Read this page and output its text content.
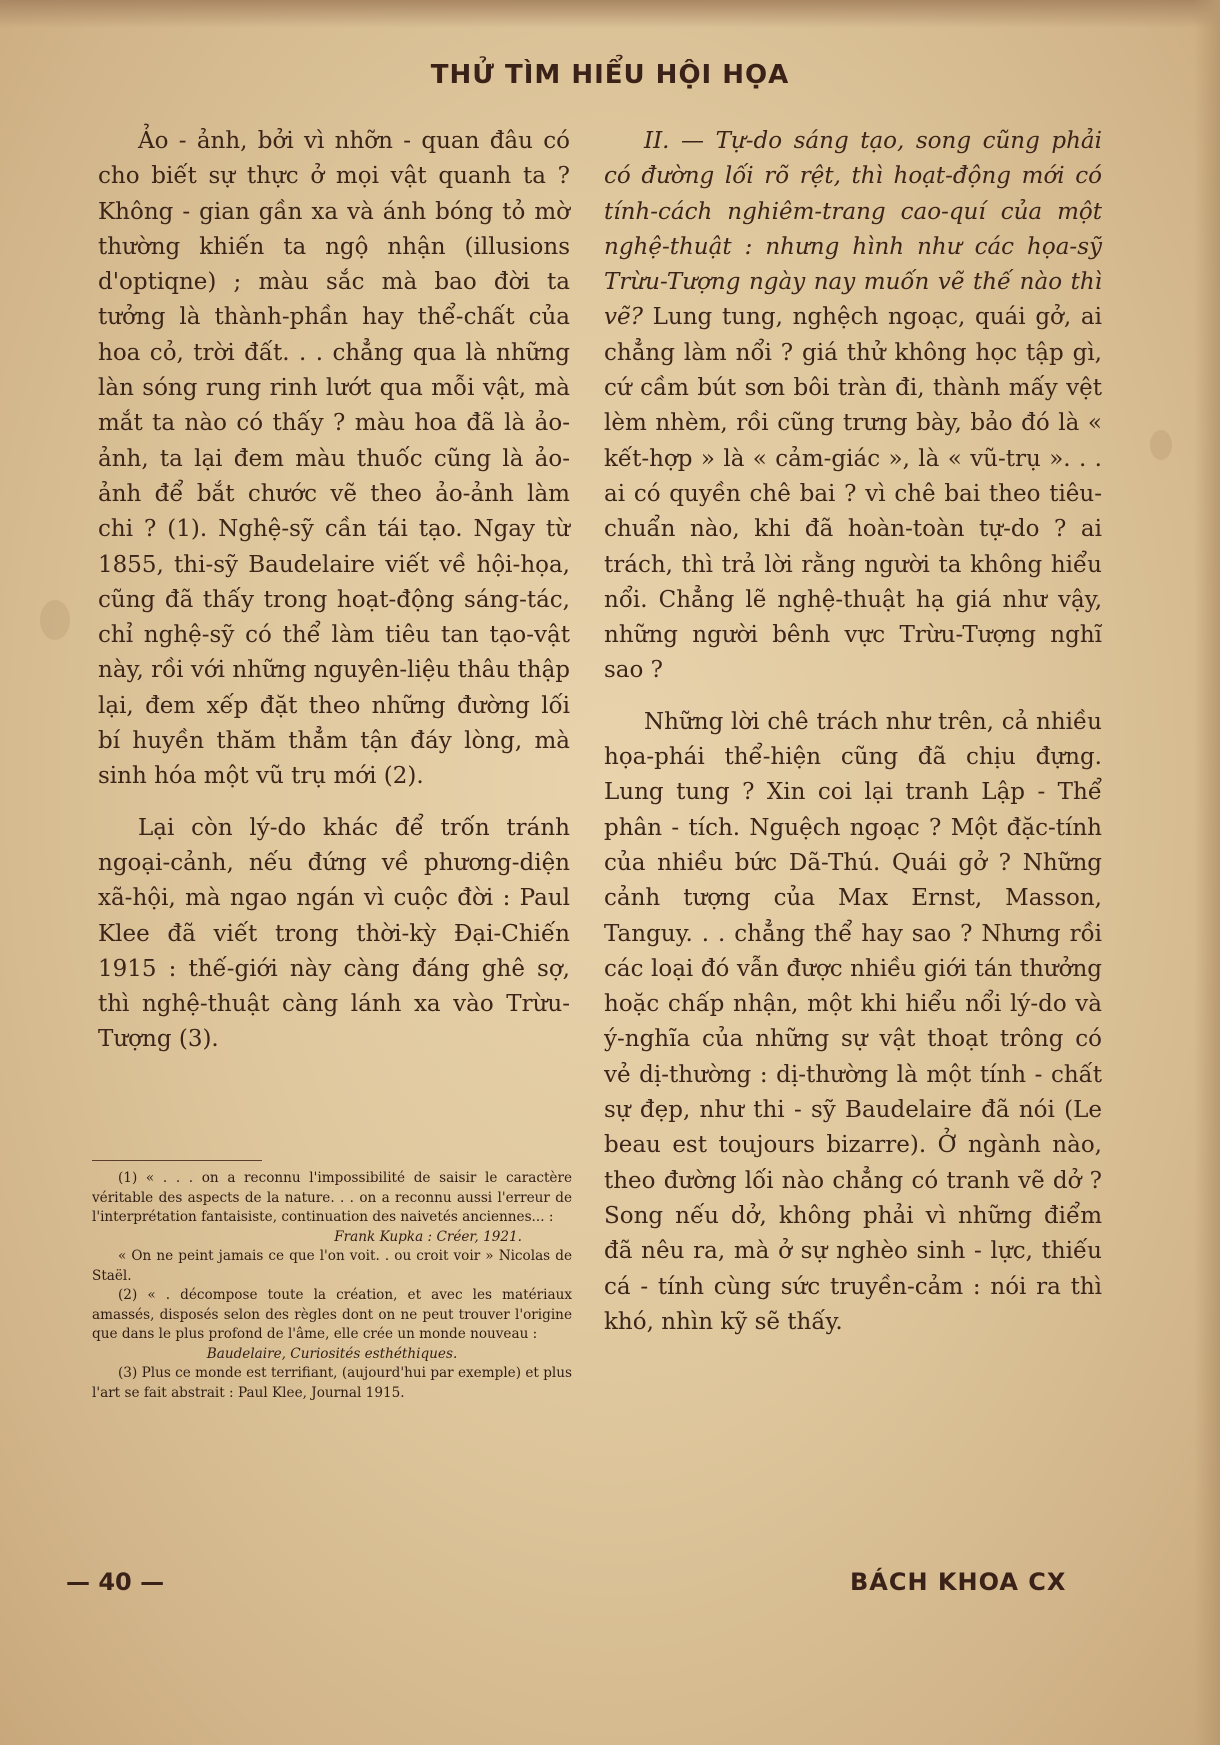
THỬ TÌM HIỂU HỘI HỌA

Ảo - ảnh, bởi vì nhỡn - quan đâu có cho biết sự thực ở mọi vật quanh ta ? Không - gian gần xa và ánh bóng tỏ mờ thường khiến ta ngộ nhận (illusions d'optiqne) ; màu sắc mà bao đời ta tưởng là thành-phần hay thể-chất của hoa cỏ, trời đất. . . chẳng qua là những làn sóng rung rinh lướt qua mỗi vật, mà mắt ta nào có thấy ? màu hoa đã là ảo-ảnh, ta lại đem màu thuốc cũng là ảo-ảnh để bắt chước vẽ theo ảo-ảnh làm chi ? (1). Nghệ-sỹ cần tái tạo. Ngay từ 1855, thi-sỹ Baudelaire viết về hội-họa, cũng đã thấy trong hoạt-động sáng-tác, chỉ nghệ-sỹ có thể làm tiêu tan tạo-vật này, rồi với những nguyên-liệu thâu thập lại, đem xếp đặt theo những đường lối bí huyền thăm thẳm tận đáy lòng, mà sinh hóa một vũ trụ mới (2).

Lại còn lý-do khác để trốn tránh ngoại-cảnh, nếu đứng về phương-diện xã-hội, mà ngao ngán vì cuộc đời : Paul Klee đã viết trong thời-kỳ Đại-Chiến 1915 : thế-giới này càng đáng ghê sợ, thì nghệ-thuật càng lánh xa vào Trừu-Tượng (3).

II. — Tự-do sáng tạo, song cũng phải có đường lối rõ rệt, thì hoạt-động mới có tính-cách nghiêm-trang cao-quí của một nghệ-thuật : nhưng hình như các họa-sỹ Trừu-Tượng ngày nay muốn vẽ thế nào thì vẽ? Lung tung, nghệch ngoạc, quái gở, ai chẳng làm nổi ? giá thử không học tập gì, cứ cầm bút sơn bôi tràn đi, thành mấy vệt lèm nhèm, rồi cũng trưng bày, bảo đó là « kết-hợp » là « cảm-giác », là « vũ-trụ ». . . ai có quyền chê bai ? vì chê bai theo tiêu-chuẩn nào, khi đã hoàn-toàn tự-do ? ai trách, thì trả lời rằng người ta không hiểu nổi. Chẳng lẽ nghệ-thuật hạ giá như vậy, những người bênh vực Trừu-Tượng nghĩ sao ?

Những lời chê trách như trên, cả nhiều họa-phái thể-hiện cũng đã chịu đựng. Lung tung ? Xin coi lại tranh Lập - Thể phân - tích. Nguệch ngoạc ? Một đặc-tính của nhiều bức Dã-Thú. Quái gở ? Những cảnh tượng của Max Ernst, Masson, Tanguy. . . chẳng thể hay sao ? Nhưng rồi các loại đó vẫn được nhiều giới tán thưởng hoặc chấp nhận, một khi hiểu nổi lý-do và ý-nghĩa của những sự vật thoạt trông có vẻ dị-thường : dị-thường là một tính - chất sự đẹp, như thi - sỹ Baudelaire đã nói (Le beau est toujours bizarre). Ở ngành nào, theo đường lối nào chẳng có tranh vẽ dở ? Song nếu dở, không phải vì những điểm đã nêu ra, mà ở sự nghèo sinh - lực, thiếu cá - tính cùng sức truyền-cảm : nói ra thì khó, nhìn kỹ sẽ thấy.

(1) « . . . on a reconnu l'impossibilité de saisir le caractère véritable des aspects de la nature. . . on a reconnu aussi l'erreur de l'interprétation fantaisiste, continuation des naivetés anciennes... :

Frank Kupka : Créer, 1921.

« On ne peint jamais ce que l'on voit. . ou croit voir » Nicolas de Staël.

(2) « . décompose toute la création, et avec les matériaux amassés, disposés selon des règles dont on ne peut trouver l'origine que dans le plus profond de l'âme, elle crée un monde nouveau :

Baudelaire, Curiosités esthéthiques.

(3) Plus ce monde est terrifiant, (aujourd'hui par exemple) et plus l'art se fait abstrait : Paul Klee, Journal 1915.

— 40 —	BÁCH KHOA CX
